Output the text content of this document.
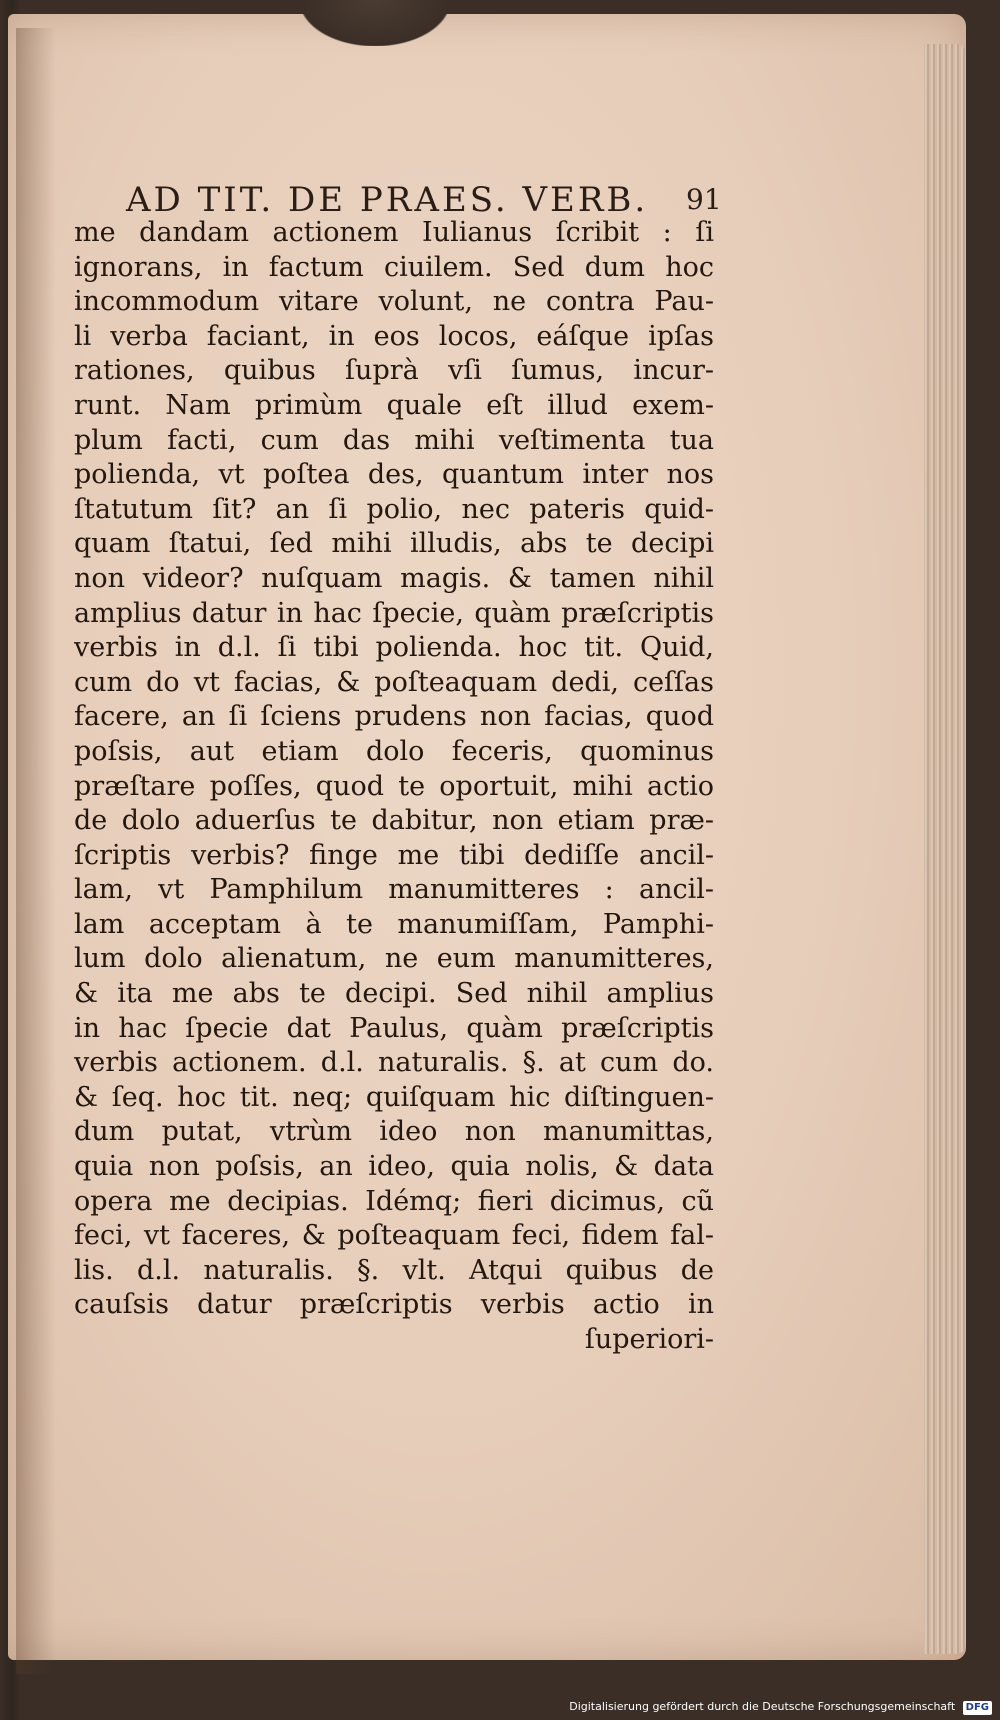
AD TIT. DE PRAES. VERB.	91
me dandam actionem Iulianus ſcribit : ſi
ignorans, in factum ciuilem. Sed dum hoc
incommodum vitare volunt, ne contra Pau-
li verba faciant, in eos locos, eáſque ipſas
rationes, quibus ſuprà vſi ſumus, incur-
runt. Nam primùm quale eſt illud exem-
plum facti, cum das mihi veſtimenta tua
polienda, vt poſtea des, quantum inter nos
ſtatutum ſit? an ſi polio, nec pateris quid-
quam ſtatui, ſed mihi illudis, abs te decipi
non videor? nuſquam magis. & tamen nihil
amplius datur in hac ſpecie, quàm præſcriptis
verbis in d.l. ſi tibi polienda. hoc tit. Quid,
cum do vt facias, & poſteaquam dedi, ceſſas
facere, an ſi ſciens prudens non facias, quod
poſsis, aut etiam dolo feceris, quominus
præſtare poſſes, quod te oportuit, mihi actio
de dolo aduerſus te dabitur, non etiam præ-
ſcriptis verbis? finge me tibi dediſſe ancil-
lam, vt Pamphilum manumitteres : ancil-
lam acceptam à te manumiſſam, Pamphi-
lum dolo alienatum, ne eum manumitteres,
& ita me abs te decipi. Sed nihil amplius
in hac ſpecie dat Paulus, quàm præſcriptis
verbis actionem. d.l. naturalis. §. at cum do.
& ſeq. hoc tit. neq; quiſquam hic diſtinguen-
dum putat, vtrùm ideo non manumittas,
quia non poſsis, an ideo, quia nolis, & data
opera me decipias. Idémq; fieri dicimus, cũ
feci, vt faceres, & poſteaquam feci, fidem fal-
lis. d.l. naturalis. §. vlt. Atqui quibus de
cauſsis datur præſcriptis verbis actio in
ſuperiori-
Digitalisierung gefördert durch die Deutsche Forschungsgemeinschaft DFG
